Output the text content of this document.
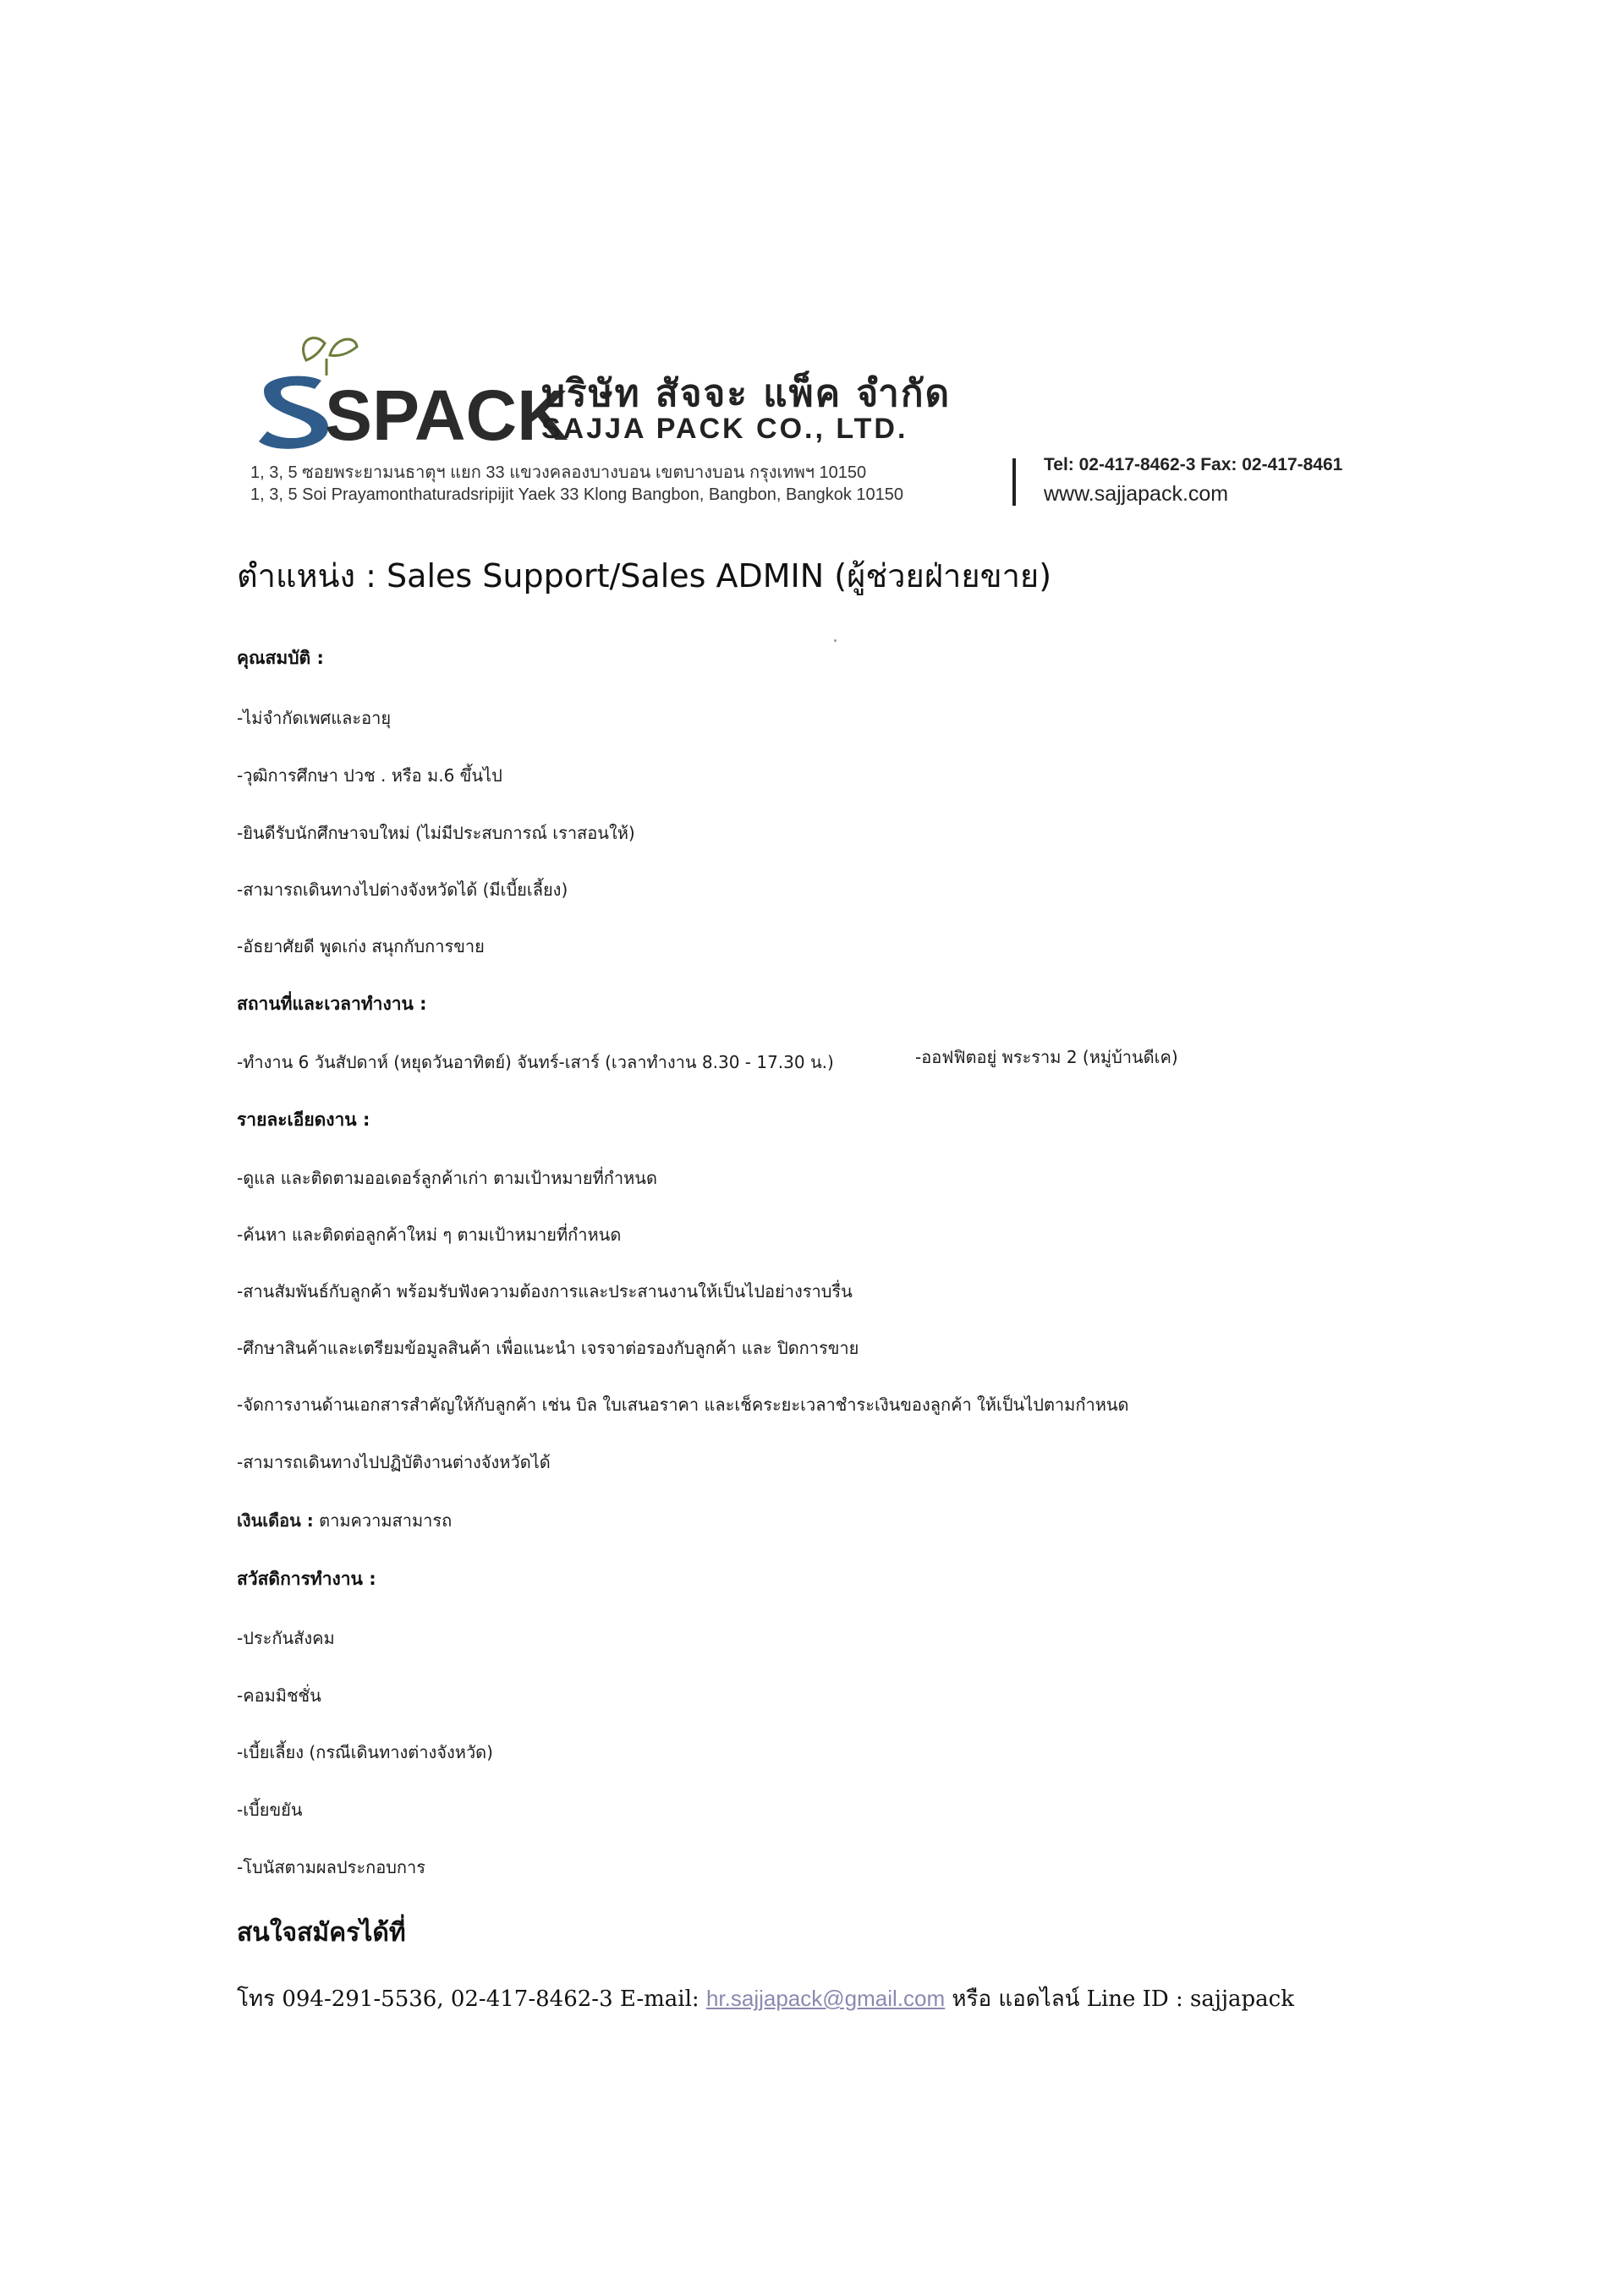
SPACK
บริษัท สัจจะ แพ็ค จำกัด
SAJJA PACK CO., LTD.
1, 3, 5 ซอยพระยามนธาตุฯ แยก 33 แขวงคลองบางบอน เขตบางบอน กรุงเทพฯ 10150
1, 3, 5 Soi Prayamonthaturadsripijit Yaek 33 Klong Bangbon, Bangbon, Bangkok 10150
Tel: 02-417-8462-3 Fax: 02-417-8461
www.sajjapack.com
ตำแหน่ง : Sales Support/Sales ADMIN (ผู้ช่วยฝ่ายขาย)
คุณสมบัติ :
-ไม่จำกัดเพศและอายุ
-วุฒิการศึกษา ปวช . หรือ ม.6 ขึ้นไป
-ยินดีรับนักศึกษาจบใหม่ (ไม่มีประสบการณ์ เราสอนให้)
-สามารถเดินทางไปต่างจังหวัดได้ (มีเบี้ยเลี้ยง)
-อัธยาศัยดี พูดเก่ง สนุกกับการขาย
สถานที่และเวลาทำงาน :
-ทำงาน 6 วันสัปดาห์ (หยุดวันอาทิตย์) จันทร์-เสาร์ (เวลาทำงาน 8.30 - 17.30 น.)	-ออฟฟิตอยู่ พระราม 2 (หมู่บ้านดีเค)
รายละเอียดงาน :
-ดูแล และติดตามออเดอร์ลูกค้าเก่า ตามเป้าหมายที่กำหนด
-ค้นหา และติดต่อลูกค้าใหม่ ๆ ตามเป้าหมายที่กำหนด
-สานสัมพันธ์กับลูกค้า พร้อมรับฟังความต้องการและประสานงานให้เป็นไปอย่างราบรื่น
-ศึกษาสินค้าและเตรียมข้อมูลสินค้า เพื่อแนะนำ เจรจาต่อรองกับลูกค้า และ ปิดการขาย
-จัดการงานด้านเอกสารสำคัญให้กับลูกค้า เช่น บิล ใบเสนอราคา และเช็คระยะเวลาชำระเงินของลูกค้า ให้เป็นไปตามกำหนด
-สามารถเดินทางไปปฏิบัติงานต่างจังหวัดได้
เงินเดือน : ตามความสามารถ
สวัสดิการทำงาน :
-ประกันสังคม
-คอมมิชชั่น
-เบี้ยเลี้ยง (กรณีเดินทางต่างจังหวัด)
-เบี้ยขยัน
-โบนัสตามผลประกอบการ
สนใจสมัครได้ที่
โทร 094-291-5536, 02-417-8462-3 E-mail: hr.sajjapack@gmail.com หรือ แอดไลน์ Line ID : sajjapack
